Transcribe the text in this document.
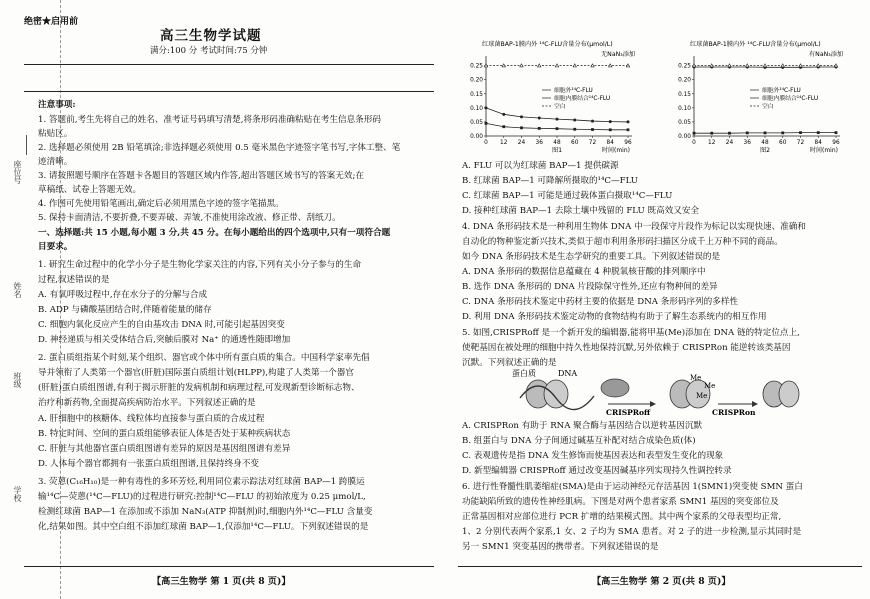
座位号
姓名
班级
学校
绝密★启用前
高三生物学试题
满分:100 分 考试时间:75 分钟
注意事项:
1. 答题前,考生先将自己的姓名、准考证号码填写清楚,将条形码准确粘贴在考生信息条形码
粘贴区。
2. 选择题必须使用 2B 铅笔填涂;非选择题必须使用 0.5 毫米黑色字迹签字笔书写,字体工整、笔
迹清晰。
3. 请按照题号顺序在答题卡各题目的答题区域内作答,超出答题区域书写的答案无效;在
草稿纸、试卷上答题无效。
4. 作图可先使用铅笔画出,确定后必须用黑色字迹的签字笔描黑。
5. 保持卡面清洁,不要折叠,不要弄破、弄皱,不准使用涂改液、修正带、刮纸刀。
一、选择题:共 15 小题,每小题 3 分,共 45 分。在每小题给出的四个选项中,只有一项符合题
目要求。
1. 研究生命过程中的化学小分子是生物化学家关注的内容,下列有关小分子参与的生命
过程,叙述错误的是
A. 有氧呼吸过程中,存在水分子的分解与合成
B. ADP 与磷酸基团结合时,伴随着能量的储存
C. 细胞内氧化反应产生的自由基攻击 DNA 时,可能引起基因突变
D. 神经递质与相关受体结合后,突触后膜对 Na⁺ 的通透性随即增加
2. 蛋白质组指某个时刻,某个组织、器官或个体中所有蛋白质的集合。中国科学家率先倡
导并领衔了人类第一个器官(肝脏)国际蛋白质组计划(HLPP),构建了人类第一个器官
(肝脏)蛋白质组图谱,有利于揭示肝脏的发病机制和病理过程,可发现新型诊断标志物、
治疗和新药物,全面提高疾病防治水平。下列叙述正确的是
A. 肝细胞中的核糖体、线粒体均直接参与蛋白质的合成过程
B. 特定时间、空间的蛋白质组能够表征人体是否处于某种疾病状态
C. 肝脏与其他器官蛋白质组图谱有差异的原因是基因组图谱有差异
D. 人体每个器官都拥有一张蛋白质组图谱,且保持终身不变
3. 荧蒽(C₁₆H₁₀)是一种有毒性的多环芳烃,利用同位素示踪法对红球菌 BAP—1 跨膜运
输¹⁴C—荧蒽(¹⁴C—FLU)的过程进行研究:控制¹⁴C—FLU 的初始浓度为 0.25 μmol/L,
检测红球菌 BAP—1 在添加或不添加 NaN₃(ATP 抑制剂)时,细胞内外¹⁴C—FLU 含量变
化,结果如图。其中空白组不添加红球菌 BAP—1,仅添加¹⁴C—FLU。下列叙述错误的是
【高三生物学 第 1 页(共 8 页)】
红球菌BAP-1膜内外 ¹⁴C-FLU含量分布(μmol/L)
无NaN₃添加
0.00
0.05
0.10
0.15
0.20
0.25
0 12 24 36 48 60 72 84 96
时间(min)
图1
细胞外¹⁴C-FLU
细胞内膜结合¹⁴C-FLU
空白
红球菌BAP-1膜内外 ¹⁴C-FLU含量分布(μmol/L)
有NaN₃添加
0.00
0.05
0.10
0.15
0.20
0.25
0 12 24 36 48 60 72 84 96
时间(min)
图2
细胞外¹⁴C-FLU
细胞内膜结合¹⁴C-FLU
空白
A. FLU 可以为红球菌 BAP—1 提供碳源
B. 红球菌 BAP—1 可降解所摄取的¹⁴C—FLU
C. 红球菌 BAP—1 可能是通过载体蛋白摄取¹⁴C—FLU
D. 接种红球菌 BAP—1 去除土壤中残留的 FLU 既高效又安全
4. DNA 条形码技术是一种利用生物体 DNA 中一段保守片段作为标记以实现快速、准确和
自动化的物种鉴定新兴技术,类似于超市利用条形码扫描区分成千上万种不同的商品。
如今 DNA 条形码技术是生态学研究的重要工具。下列叙述错误的是
A. DNA 条形码的数据信息蕴藏在 4 种脱氧核苷酸的排列顺序中
B. 选作 DNA 条形码的 DNA 片段除保守性外,还应有物种间的差异
C. DNA 条形码技术鉴定中药材主要的依据是 DNA 条形码序列的多样性
D. 利用 DNA 条形码技术鉴定动物的食物结构有助于了解生态系统内的相互作用
5. 如图,CRISPRoff 是一个新开发的编辑器,能将甲基(Me)添加在 DNA 链的特定位点上,
使靶基因在被处理的细胞中持久性地保持沉默,另外依赖于 CRISPRon 能逆转该类基因
沉默。下列叙述正确的是
A. CRISPRon 有助于 RNA 聚合酶与基因结合以逆转基因沉默
B. 组蛋白与 DNA 分子间通过碱基互补配对结合成染色质(体)
C. 表观遗传是指 DNA 发生修饰而使基因表达和表型发生变化的现象
D. 新型编辑器 CRISPRoff 通过改变基因碱基序列实现持久性调控转录
6. 进行性脊髓性肌萎缩症(SMA)是由于运动神经元存活基因 1(SMN1)突变使 SMN 蛋白
功能缺陷所致的遗传性神经肌病。下图是对两个患者家系 SMN1 基因的突变部位及
正常基因相对应部位进行 PCR 扩增的结果模式图。其中两个家系的父母表型均正常,
1、2 分别代表两个家系,1 女、2 子均为 SMA 患者。对 2 子的进一步检测,显示其同时是
另一 SMN1 突变基因的携带者。下列叙述错误的是
蛋白质	DNA
CRISPRoff
Me
Me
Me
CRISPRon
【高三生物学 第 2 页(共 8 页)】
